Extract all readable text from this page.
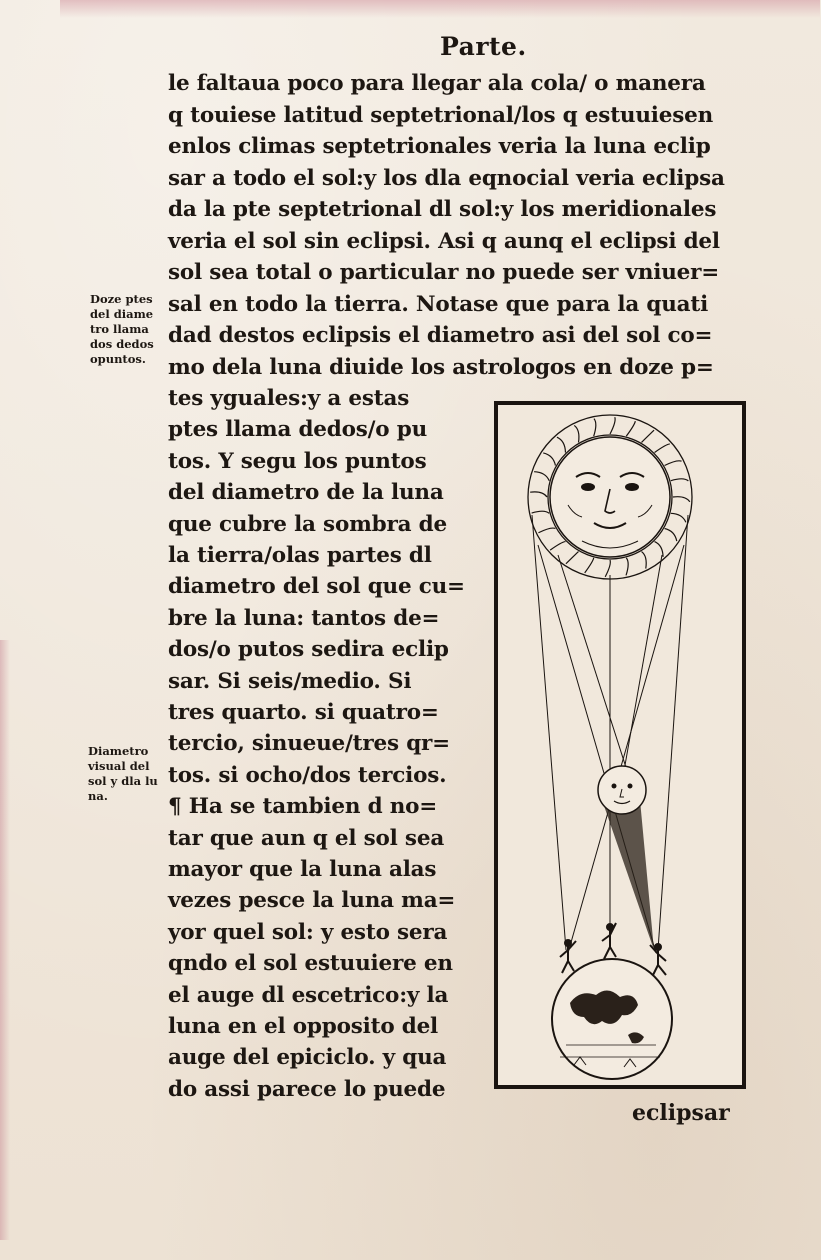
Parte.
le faltaua poco para llegar ala cola/ o manera
q touiese latitud septetrional/los q estuuiesen
enlos climas septetrionales veria la luna eclip
sar a todo el sol:y los dla eqnocial veria eclipsa
da la pte septetrional dl sol:y los meridionales
veria el sol sin eclipsi. Asi q aunq el eclipsi del
sol sea total o particular no puede ser vniuer=
sal en todo la tierra. Notase que para la quati
dad destos eclipsis el diametro asi del sol co=
mo dela luna diuide los astrologos en doze p=
tes yguales:y a estas
ptes llama dedos/o pu
tos. Y segu los puntos
del diametro de la luna
que cubre la sombra de
la tierra/olas partes dl
diametro del sol que cu=
bre la luna: tantos de=
dos/o putos sedira eclip
sar. Si seis/medio. Si
tres quarto. si quatro=
tercio, sinueue/tres qr=
tos. si ocho/dos tercios.
¶ Ha se tambien d no=
tar que aun q el sol sea
mayor que la luna alas
vezes pesce la luna ma=
yor quel sol: y esto sera
qndo el sol estuuiere en
el auge dl escetrico:y la
luna en el opposito del
auge del epiciclo. y qua
do assi parece lo puede
Doze ptes
del diame
tro llama
dos dedos
opuntos.
Diametro
visual del
sol y dla lu
na.
eclipsar
